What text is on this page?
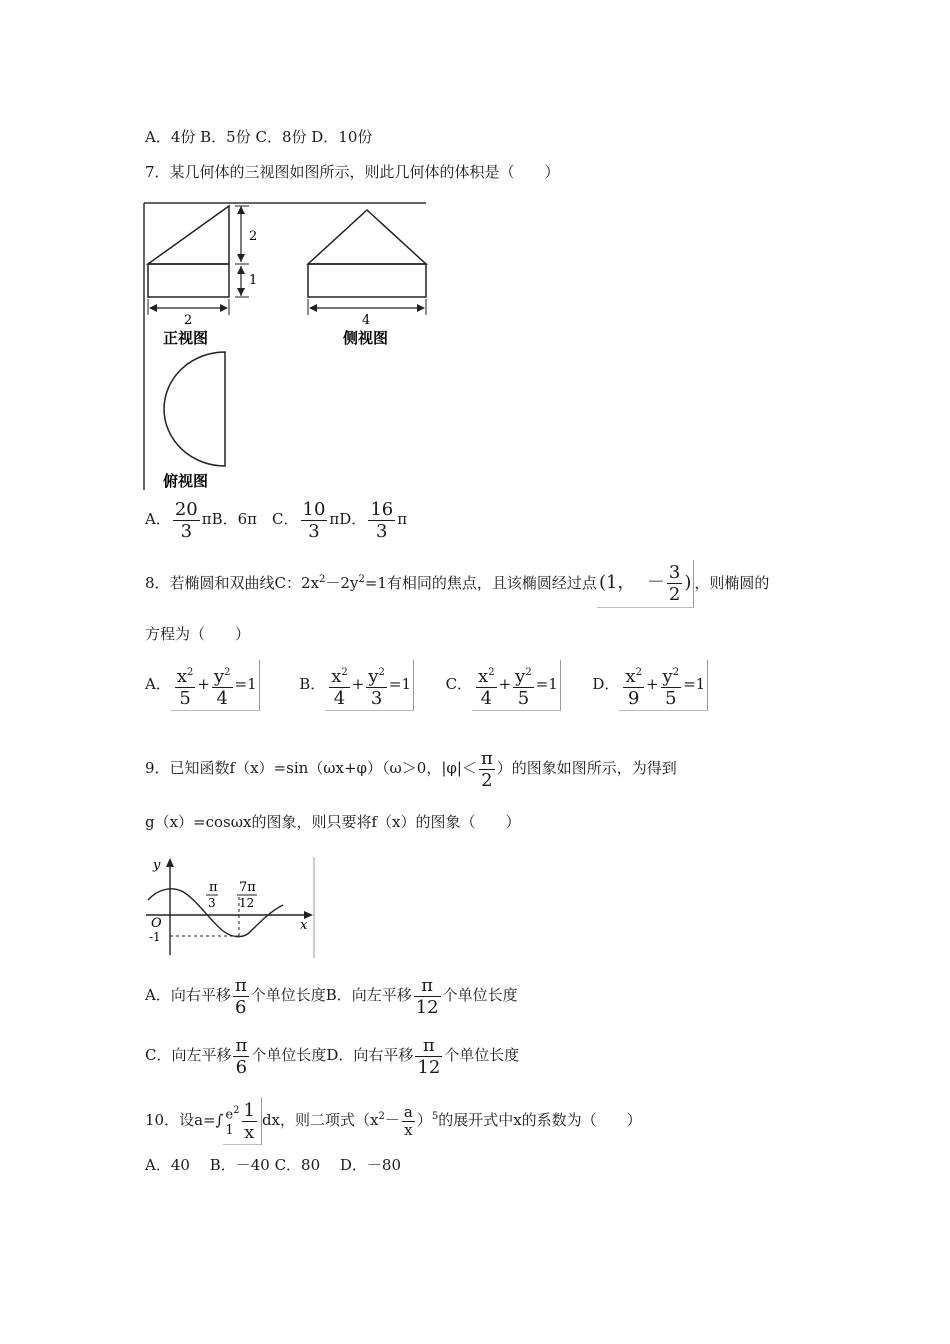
A．4份 B．5份 C．8份 D．10份
7．某几何体的三视图如图所示，则此几何体的体积是（　　）
2
1
2
正视图
4
侧视图
俯视图
A． $\frac{20}{3}$ πB．6π　C． $\frac{10}{3}$ πD． $\frac{16}{3}$ π
8．若椭圆和双曲线C：$2x^2-2y^2=1$有相同的焦点，且该椭圆经过点 (1， － $\frac{3}{2}$ ) ，则椭圆的
方程为（　　）
A． $\frac{x^2}{5} + \frac{y^2}{4} =1$	B． $\frac{x^2}{4} + \frac{y^2}{3} =1$ C． $\frac{x^2}{4} + \frac{y^2}{5} =1$ D． $\frac{x^2}{9} + \frac{y^2}{5} =1$
9．已知函数f（x）=sin（ωx+φ）（ω＞0，$|\varphi|< \frac{\pi}{2}$ ）的图象如图所示，为得到
g（x）=cosωx的图象，则只要将f（x）的图象（　　）
y
x
O
-1
π
3
7π
12
A．向右平移 $\frac{\pi}{6}$ 个单位长度B．向左平移 $\frac{\pi}{12}$ 个单位长度
C．向左平移 $\frac{\pi}{6}$ 个单位长度D．向右平移 $\frac{\pi}{12}$ 个单位长度
10．设a=∫ $e^2$
$1 \frac{1}{x}$ dx，则二项式$(x^2- \frac{a}{x} )^5$的展开式中x的系数为（　　）
A．40　 B．－40 C．80　 D．－80
